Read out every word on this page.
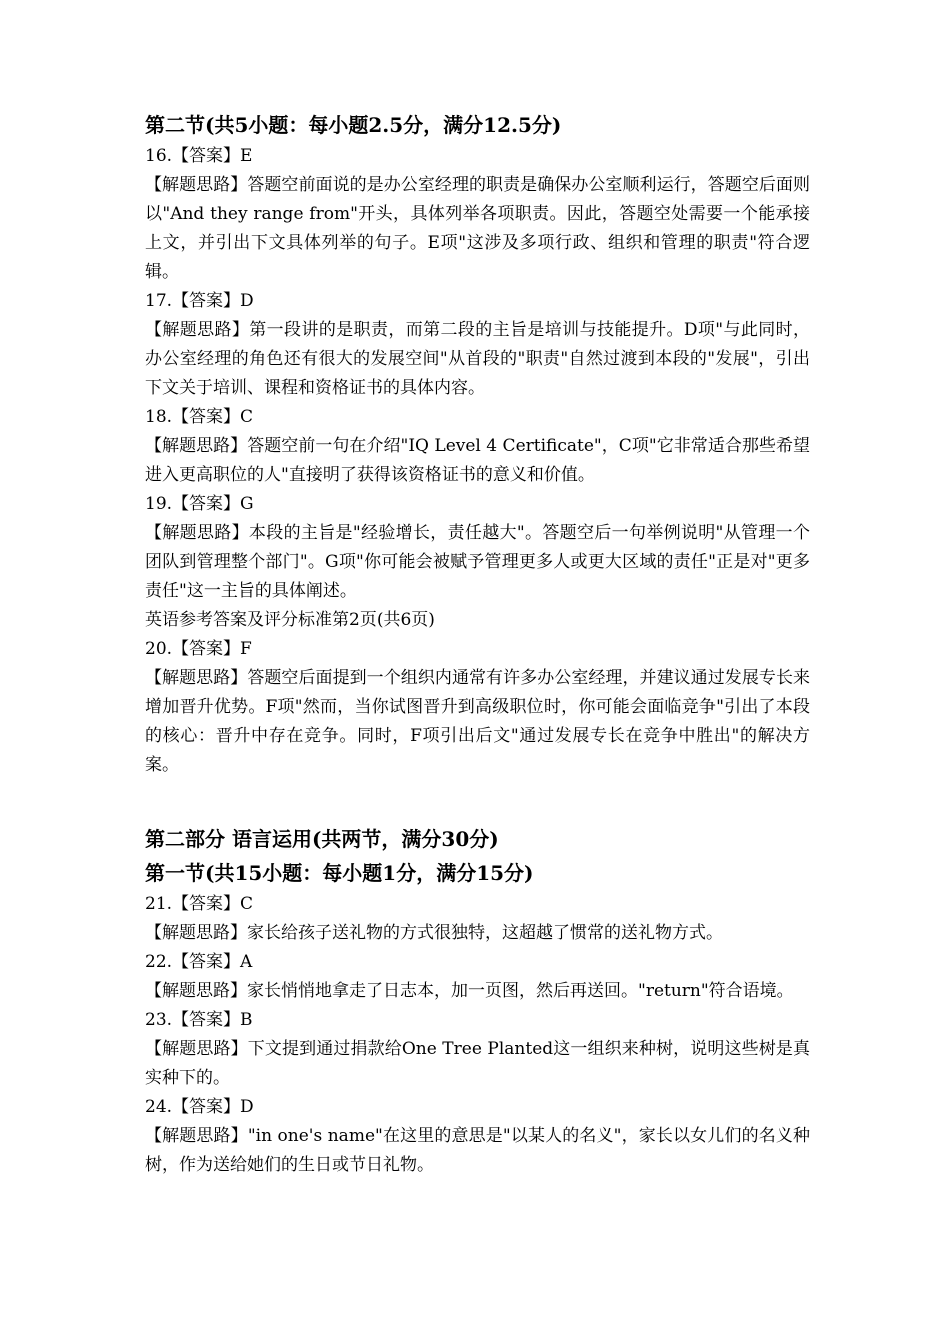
第二节(共5小题：每小题2.5分，满分12.5分)

16.【答案】E

【解题思路】答题空前面说的是办公室经理的职责是确保办公室顺利运行，答题空后面则以"And they range from"开头，具体列举各项职责。因此，答题空处需要一个能承接上文，并引出下文具体列举的句子。E项"这涉及多项行政、组织和管理的职责"符合逻辑。

17.【答案】D

【解题思路】第一段讲的是职责，而第二段的主旨是培训与技能提升。D项"与此同时，办公室经理的角色还有很大的发展空间"从首段的"职责"自然过渡到本段的"发展"，引出下文关于培训、课程和资格证书的具体内容。

18.【答案】C

【解题思路】答题空前一句在介绍"IQ Level 4 Certificate"，C项"它非常适合那些希望进入更高职位的人"直接明了获得该资格证书的意义和价值。

19.【答案】G

【解题思路】本段的主旨是"经验增长，责任越大"。答题空后一句举例说明"从管理一个团队到管理整个部门"。G项"你可能会被赋予管理更多人或更大区域的责任"正是对"更多责任"这一主旨的具体阐述。

英语参考答案及评分标准第2页(共6页)

20.【答案】F

【解题思路】答题空后面提到一个组织内通常有许多办公室经理，并建议通过发展专长来增加晋升优势。F项"然而，当你试图晋升到高级职位时，你可能会面临竞争"引出了本段的核心：晋升中存在竞争。同时，F项引出后文"通过发展专长在竞争中胜出"的解决方案。

第二部分 语言运用(共两节，满分30分)

第一节(共15小题：每小题1分，满分15分)

21.【答案】C

【解题思路】家长给孩子送礼物的方式很独特，这超越了惯常的送礼物方式。

22.【答案】A

【解题思路】家长悄悄地拿走了日志本，加一页图，然后再送回。"return"符合语境。

23.【答案】B

【解题思路】下文提到通过捐款给One Tree Planted这一组织来种树，说明这些树是真实种下的。

24.【答案】D

【解题思路】"in one's name"在这里的意思是"以某人的名义"，家长以女儿们的名义种树，作为送给她们的生日或节日礼物。
